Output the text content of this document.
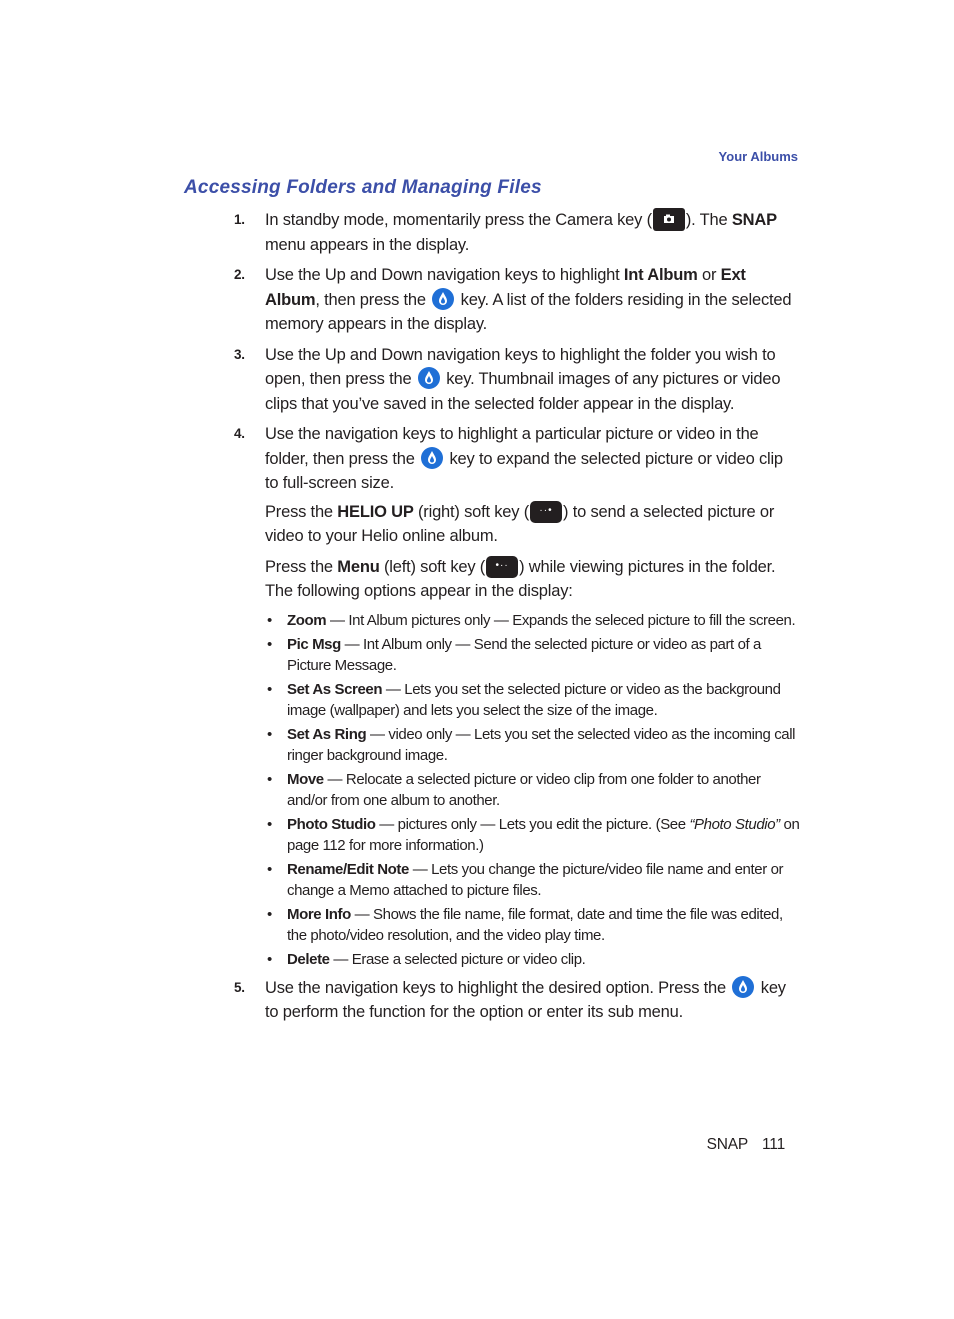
Your Albums
Accessing Folders and Managing Files
1. In standby mode, momentarily press the Camera key ( ). The SNAP menu appears in the display.
2. Use the Up and Down navigation keys to highlight Int Album or Ext Album, then press the  key. A list of the folders residing in the selected memory appears in the display.
3. Use the Up and Down navigation keys to highlight the folder you wish to open, then press the  key. Thumbnail images of any pictures or video clips that you’ve saved in the selected folder appear in the display.
4. Use the navigation keys to highlight a particular picture or video in the folder, then press the  key to expand the selected picture or video clip to full-screen size.

Press the HELIO UP (right) soft key (	··• ) to send a selected picture or video to your Helio online album.

Press the Menu (left) soft key (	•·· ) while viewing pictures in the folder. The following options appear in the display:

• Zoom — Int Album pictures only — Expands the seleced picture to fill the screen.
• Pic Msg — Int Album only — Send the selected picture or video as part of a Picture Message.
• Set As Screen — Lets you set the selected picture or video as the background image (wallpaper) and lets you select the size of the image.
• Set As Ring — video only — Lets you set the selected video as the incoming call ringer background image.
• Move — Relocate a selected picture or video clip from one folder to another and/or from one album to another.
• Photo Studio — pictures only — Lets you edit the picture. (See “Photo Studio” on page 112 for more information.)
• Rename/Edit Note — Lets you change the picture/video file name and enter or change a Memo attached to picture files.
• More Info — Shows the file name, file format, date and time the file was edited, the photo/video resolution, and the video play time.
• Delete — Erase a selected picture or video clip.
5. Use the navigation keys to highlight the desired option. Press the  key to perform the function for the option or enter its sub menu.
SNAP 111
